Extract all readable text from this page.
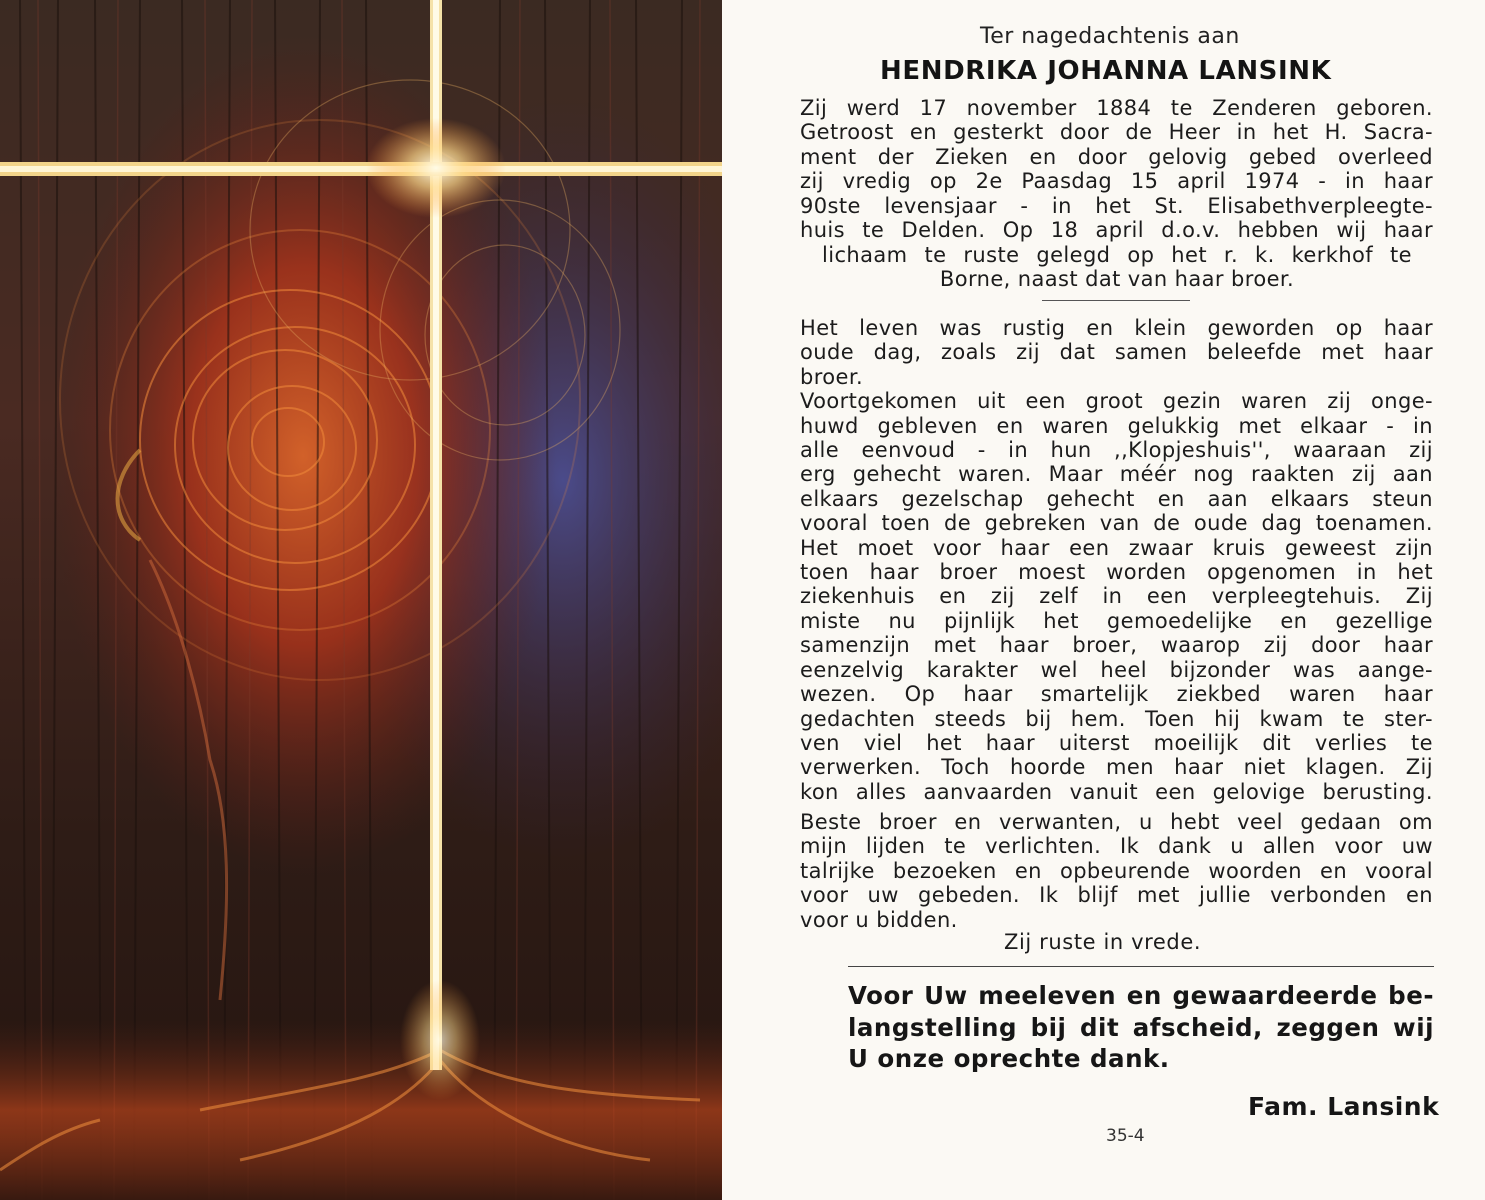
Ter nagedachtenis aan
HENDRIKA JOHANNA LANSINK
Zij werd 17 november 1884 te Zenderen geboren.
Getroost en gesterkt door de Heer in het H. Sacra-
ment der Zieken en door gelovig gebed overleed
zij vredig op 2e Paasdag 15 april 1974 - in haar
90ste levensjaar - in het St. Elisabethverpleegte-
huis te Delden. Op 18 april d.o.v. hebben wij haar
lichaam te ruste gelegd op het r. k. kerkhof te
Borne, naast dat van haar broer.
Het leven was rustig en klein geworden op haar
oude dag, zoals zij dat samen beleefde met haar
broer.
Voortgekomen uit een groot gezin waren zij onge-
huwd gebleven en waren gelukkig met elkaar - in
alle eenvoud - in hun ,,Klopjeshuis'', waaraan zij
erg gehecht waren. Maar méér nog raakten zij aan
elkaars gezelschap gehecht en aan elkaars steun
vooral toen de gebreken van de oude dag toenamen.
Het moet voor haar een zwaar kruis geweest zijn
toen haar broer moest worden opgenomen in het
ziekenhuis en zij zelf in een verpleegtehuis. Zij
miste nu pijnlijk het gemoedelijke en gezellige
samenzijn met haar broer, waarop zij door haar
eenzelvig karakter wel heel bijzonder was aange-
wezen. Op haar smartelijk ziekbed waren haar
gedachten steeds bij hem. Toen hij kwam te ster-
ven viel het haar uiterst moeilijk dit verlies te
verwerken. Toch hoorde men haar niet klagen. Zij
kon alles aanvaarden vanuit een gelovige berusting.
Beste broer en verwanten, u hebt veel gedaan om
mijn lijden te verlichten. Ik dank u allen voor uw
talrijke bezoeken en opbeurende woorden en vooral
voor uw gebeden. Ik blijf met jullie verbonden en
voor u bidden.
Zij ruste in vrede.
Voor Uw meeleven en gewaardeerde be-
langstelling bij dit afscheid, zeggen wij
U onze oprechte dank.
Fam. Lansink
35-4
